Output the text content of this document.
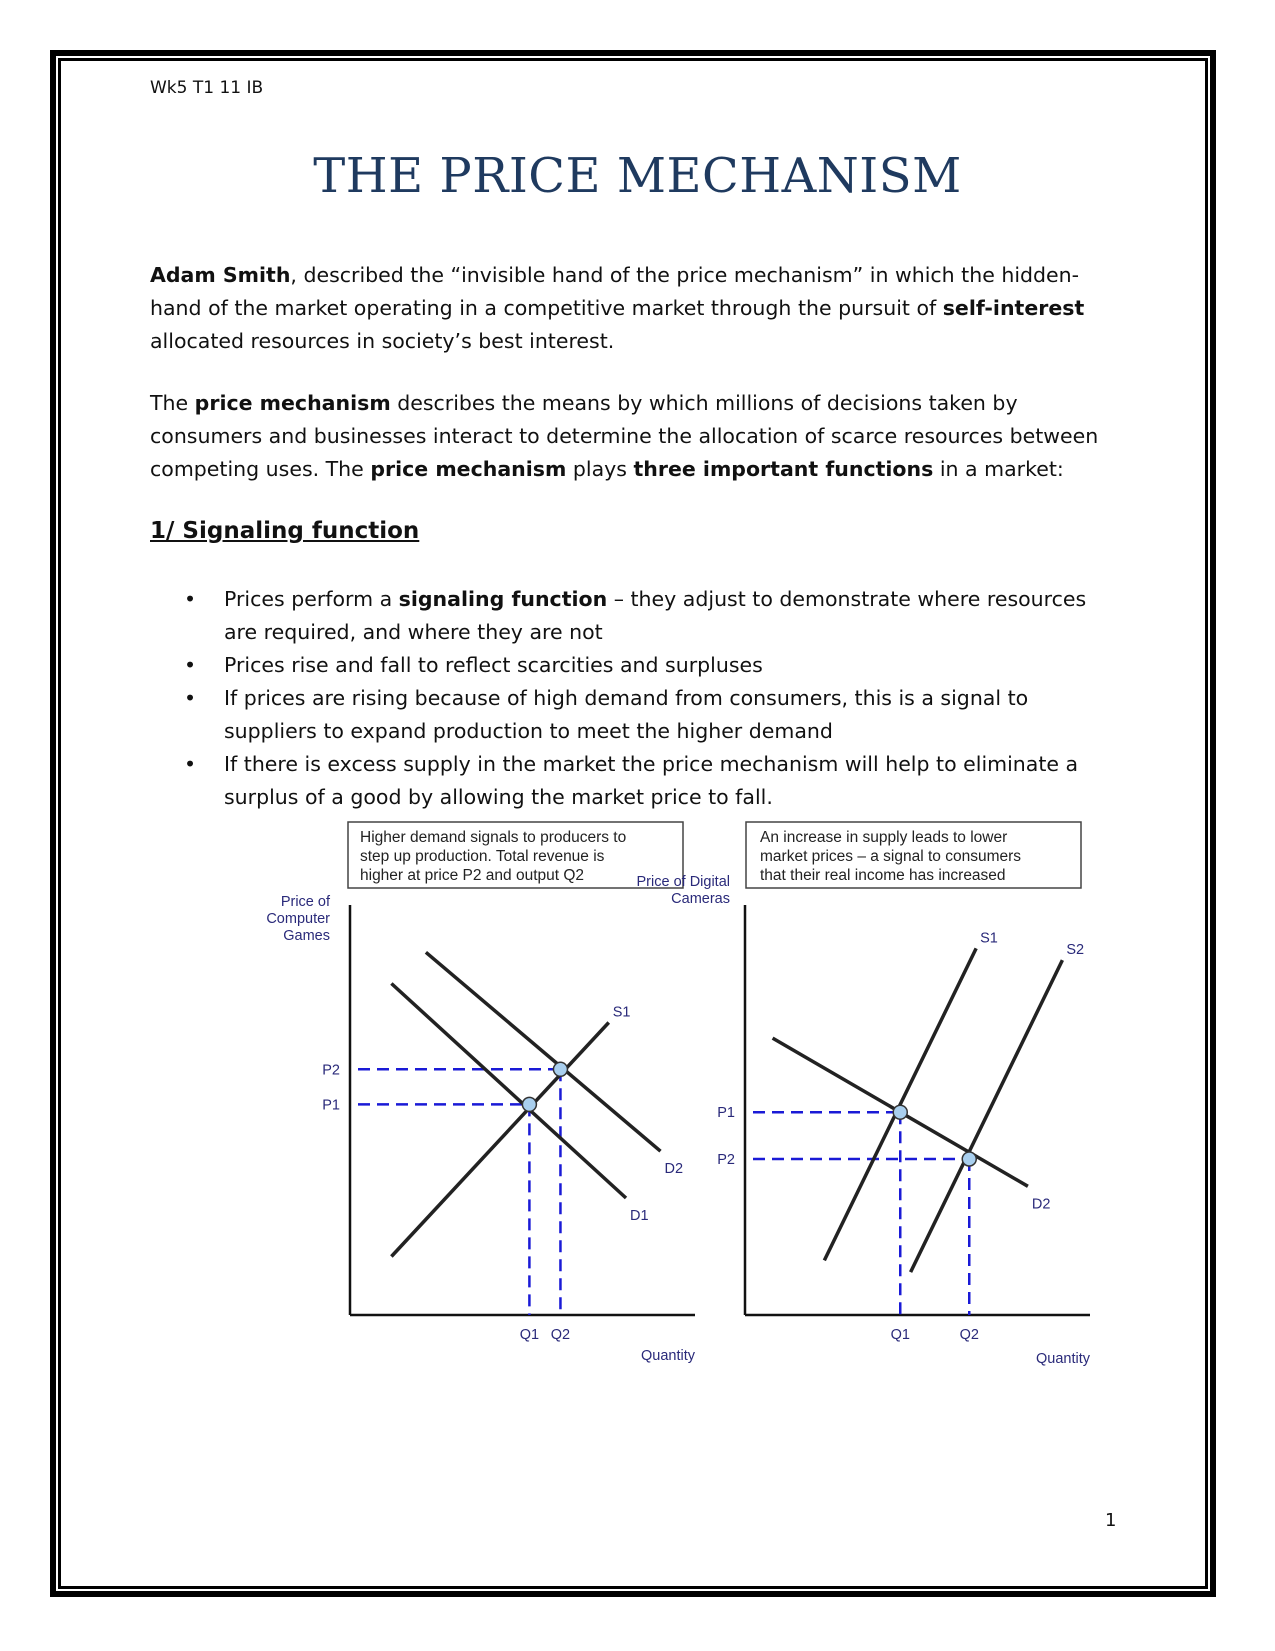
Wk5 T1 11 IB
THE PRICE MECHANISM

Adam Smith, described the “invisible hand of the price mechanism” in which the hidden-hand of the market operating in a competitive market through the pursuit of self-interest allocated resources in society’s best interest.

The price mechanism describes the means by which millions of decisions taken by consumers and businesses interact to determine the allocation of scarce resources between competing uses. The price mechanism plays three important functions in a market:

1/ Signaling function
• Prices perform a signaling function – they adjust to demonstrate where resources are required, and where they are not
• Prices rise and fall to reflect scarcities and surpluses
• If prices are rising because of high demand from consumers, this is a signal to suppliers to expand production to meet the higher demand
• If there is excess supply in the market the price mechanism will help to eliminate a surplus of a good by allowing the market price to fall.
Higher demand signals to producers to
step up production. Total revenue is
higher at price P2 and output Q2
Price of
Computer
Games
Quantity
S1
D1
D2
P1
Q1
P2
Q2
An increase in supply leads to lower
market prices – a signal to consumers
that their real income has increased
Price of Digital
Cameras
Quantity
S1
S2
D2
P1
Q1
P2
Q2
1
